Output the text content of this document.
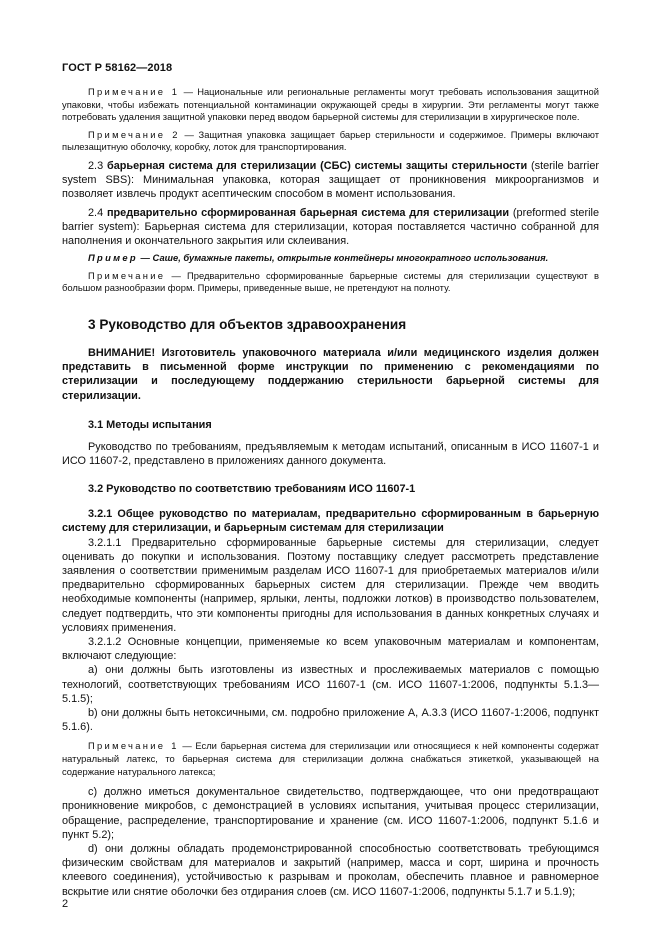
ГОСТ Р 58162—2018

Примечание 1 — Национальные или региональные регламенты могут требовать использования защитной упаковки, чтобы избежать потенциальной контаминации окружающей среды в хирургии. Эти регламенты могут также потребовать удаления защитной упаковки перед вводом барьерной системы для стерилизации в хирургическое поле.

Примечание 2 — Защитная упаковка защищает барьер стерильности и содержимое. Примеры включают пылезащитную оболочку, коробку, лоток для транспортирования.

2.3 барьерная система для стерилизации (СБС) системы защиты стерильности (sterile barrier system SBS): Минимальная упаковка, которая защищает от проникновения микроорганизмов и позволяет извлечь продукт асептическим способом в момент использования.

2.4 предварительно сформированная барьерная система для стерилизации (preformed sterile barrier system): Барьерная система для стерилизации, которая поставляется частично собранной для наполнения и окончательного закрытия или склеивания.

Пример — Саше, бумажные пакеты, открытые контейнеры многократного использования.

Примечание — Предварительно сформированные барьерные системы для стерилизации существуют в большом разнообразии форм. Примеры, приведенные выше, не претендуют на полноту.

3 Руководство для объектов здравоохранения

ВНИМАНИЕ! Изготовитель упаковочного материала и/или медицинского изделия должен представить в письменной форме инструкции по применению с рекомендациями по стерилизации и последующему поддержанию стерильности барьерной системы для стерилизации.

3.1 Методы испытания

Руководство по требованиям, предъявляемым к методам испытаний, описанным в ИСО 11607-1 и ИСО 11607-2, представлено в приложениях данного документа.

3.2 Руководство по соответствию требованиям ИСО 11607-1

3.2.1 Общее руководство по материалам, предварительно сформированным в барьерную систему для стерилизации, и барьерным системам для стерилизации

3.2.1.1 Предварительно сформированные барьерные системы для стерилизации, следует оценивать до покупки и использования. Поэтому поставщику следует рассмотреть представление заявления о соответствии применимым разделам ИСО 11607-1 для приобретаемых материалов и/или предварительно сформированных барьерных систем для стерилизации. Прежде чем вводить необходимые компоненты (например, ярлыки, ленты, подложки лотков) в производство пользователем, следует подтвердить, что эти компоненты пригодны для использования в данных конкретных случаях и условиях применения.

3.2.1.2 Основные концепции, применяемые ко всем упаковочным материалам и компонентам, включают следующие:

а) они должны быть изготовлены из известных и прослеживаемых материалов с помощью технологий, соответствующих требованиям ИСО 11607-1 (см. ИСО 11607-1:2006, подпункты 5.1.3—5.1.5);

b) они должны быть нетоксичными, см. подробно приложение А, А.3.3 (ИСО 11607-1:2006, подпункт 5.1.6).

Примечание 1 — Если барьерная система для стерилизации или относящиеся к ней компоненты содержат натуральный латекс, то барьерная система для стерилизации должна снабжаться этикеткой, указывающей на содержание натурального латекса;

с) должно иметься документальное свидетельство, подтверждающее, что они предотвращают проникновение микробов, с демонстрацией в условиях испытания, учитывая процесс стерилизации, обращение, распределение, транспортирование и хранение (см. ИСО 11607-1:2006, подпункт 5.1.6 и пункт 5.2);

d) они должны обладать продемонстрированной способностью соответствовать требующимся физическим свойствам для материалов и закрытий (например, масса и сорт, ширина и прочность клеевого соединения), устойчивостью к разрывам и проколам, обеспечить плавное и равномерное вскрытие или снятие оболочки без отдирания слоев (см. ИСО 11607-1:2006, подпункты 5.1.7 и 5.1.9);

2
